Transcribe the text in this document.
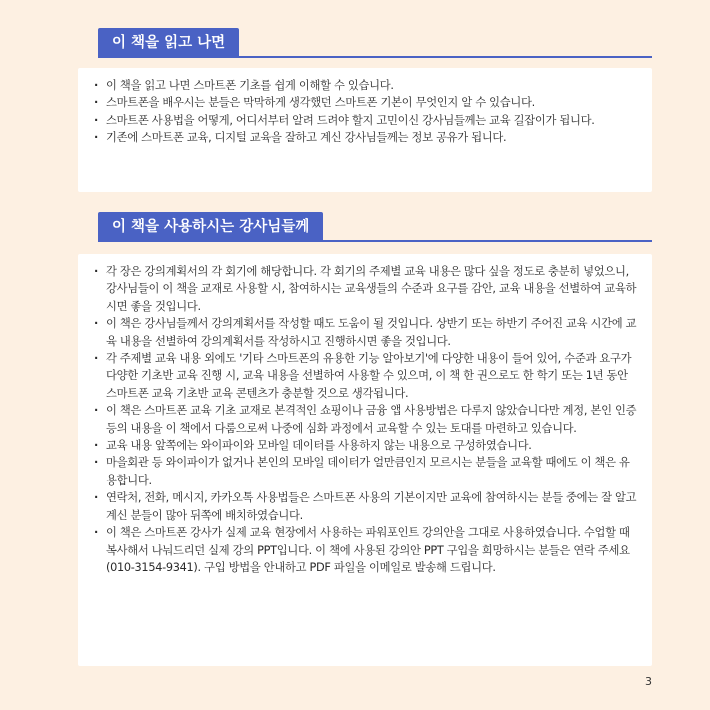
이 책을 읽고 나면
· 이 책을 읽고 나면 스마트폰 기초를 쉽게 이해할 수 있습니다.
· 스마트폰을 배우시는 분들은 막막하게 생각했던 스마트폰 기본이 무엇인지 알 수 있습니다.
· 스마트폰 사용법을 어떻게, 어디서부터 알려 드려야 할지 고민이신 강사님들께는 교육 길잡이가 됩니다.
· 기존에 스마트폰 교육, 디지털 교육을 잘하고 계신 강사님들께는 정보 공유가 됩니다.
이 책을 사용하시는 강사님들께
· 각 장은 강의계획서의 각 회기에 해당합니다. 각 회기의 주제별 교육 내용은 많다 싶을 정도로 충분히 넣었으니, 강사님들이 이 책을 교재로 사용할 시, 참여하시는 교육생들의 수준과 요구를 감안, 교육 내용을 선별하여 교육하시면 좋을 것입니다.
· 이 책은 강사님들께서 강의계획서를 작성할 때도 도움이 될 것입니다. 상반기 또는 하반기 주어진 교육 시간에 교육 내용을 선별하여 강의계획서를 작성하시고 진행하시면 좋을 것입니다.
· 각 주제별 교육 내용 외에도 '기타 스마트폰의 유용한 기능 알아보기'에 다양한 내용이 들어 있어, 수준과 요구가 다양한 기초반 교육 진행 시, 교육 내용을 선별하여 사용할 수 있으며, 이 책 한 권으로도 한 학기 또는 1년 동안 스마트폰 교육 기초반 교육 콘텐츠가 충분할 것으로 생각됩니다.
· 이 책은 스마트폰 교육 기초 교재로 본격적인 쇼핑이나 금융 앱 사용방법은 다루지 않았습니다만 계정, 본인 인증 등의 내용을 이 책에서 다룸으로써 나중에 심화 과정에서 교육할 수 있는 토대를 마련하고 있습니다.
· 교육 내용 앞쪽에는 와이파이와 모바일 데이터를 사용하지 않는 내용으로 구성하였습니다.
· 마을회관 등 와이파이가 없거나 본인의 모바일 데이터가 얼만큼인지 모르시는 분들을 교육할 때에도 이 책은 유용합니다.
· 연락처, 전화, 메시지, 카카오톡 사용법들은 스마트폰 사용의 기본이지만 교육에 참여하시는 분들 중에는 잘 알고 계신 분들이 많아 뒤쪽에 배치하였습니다.
· 이 책은 스마트폰 강사가 실제 교육 현장에서 사용하는 파워포인트 강의안을 그대로 사용하였습니다. 수업할 때 복사해서 나눠드리던 실제 강의 PPT입니다. 이 책에 사용된 강의안 PPT 구입을 희망하시는 분들은 연락 주세요(010-3154-9341). 구입 방법을 안내하고 PDF 파일을 이메일로 발송해 드립니다.
3
